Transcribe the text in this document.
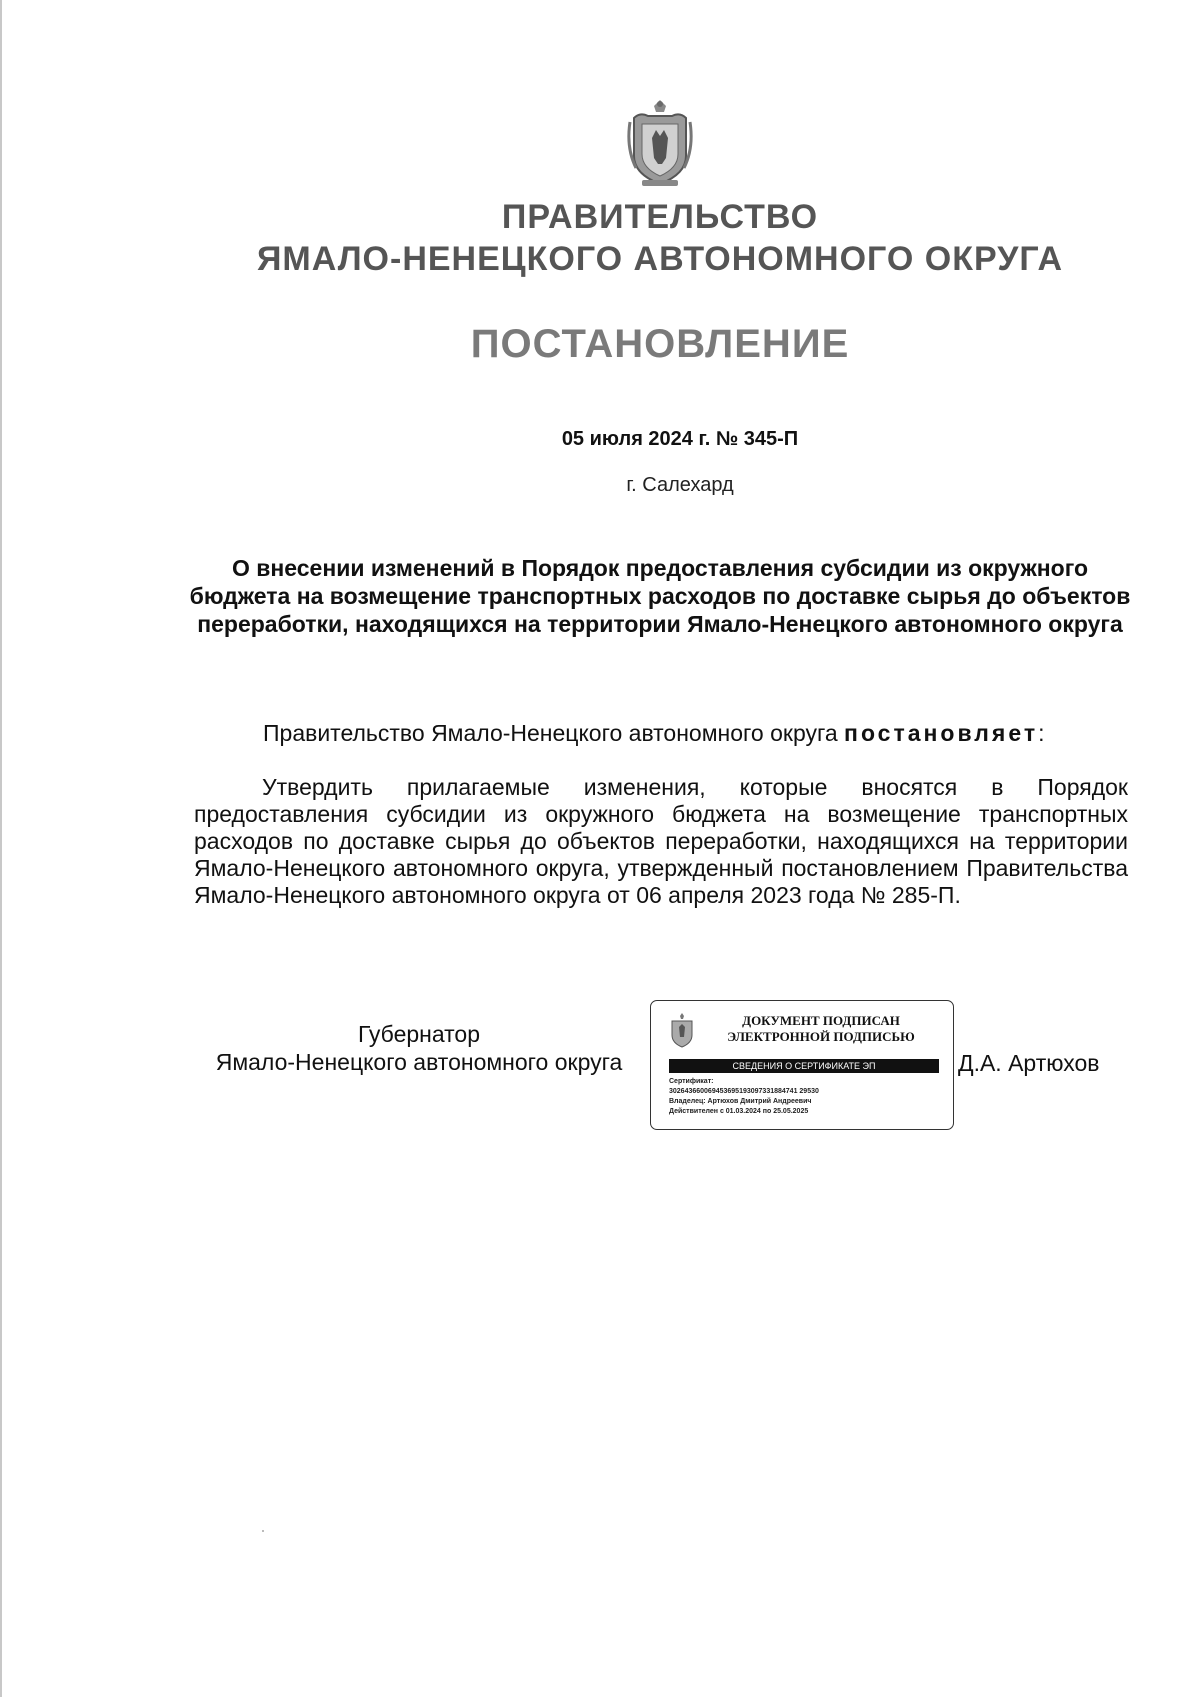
ПРАВИТЕЛЬСТВО
ЯМАЛО-НЕНЕЦКОГО АВТОНОМНОГО ОКРУГА
ПОСТАНОВЛЕНИЕ
05 июля 2024 г. № 345-П
г. Салехард
О внесении изменений в Порядок предоставления субсидии из окружного бюджета на возмещение транспортных расходов по доставке сырья до объектов переработки, находящихся на территории Ямало-Ненецкого автономного округа
Правительство Ямало-Ненецкого автономного округа постановляет:
Утвердить прилагаемые изменения, которые вносятся в Порядок предоставления субсидии из окружного бюджета на возмещение транспортных расходов по доставке сырья до объектов переработки, находящихся на территории Ямало-Ненецкого автономного округа, утвержденный постановлением Правительства Ямало-Ненецкого автономного округа от 06 апреля 2023 года № 285-П.
Губернатор
Ямало-Ненецкого автономного округа
ДОКУМЕНТ ПОДПИСАН
ЭЛЕКТРОННОЙ ПОДПИСЬЮ
СВЕДЕНИЯ О СЕРТИФИКАТЕ ЭП
Сертификат:
302643660069453695193097331884741 29530
Владелец: Артюхов Дмитрий Андреевич
Действителен с 01.03.2024 по 25.05.2025
Д.А. Артюхов
